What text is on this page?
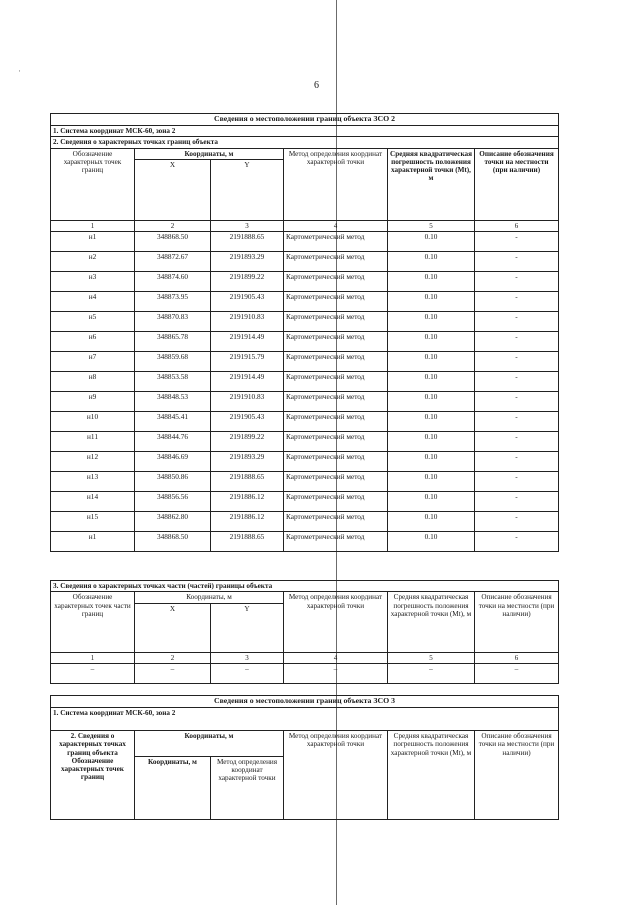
6
·
Сведения о местоположении границ объекта ЗСО 2					
1. Система координат МСК-60, зона 2					
2. Сведения о характерных точках границ объекта					
Обозначение характерных точек границ	Координаты, м		Метод определения координат характерной точки	Средняя квадратическая погрешность положения характерной точки (Mt), м	Описание обозначения точки на местности (при наличии)
	X	Y			
1	2	3	4	5	6
н1	348868.50	2191888.65	Картометрический метод	0.10	-
н2	348872.67	2191893.29	Картометрический метод	0.10	-
н3	348874.60	2191899.22	Картометрический метод	0.10	-
н4	348873.95	2191905.43	Картометрический метод	0.10	-
н5	348870.83	2191910.83	Картометрический метод	0.10	-
н6	348865.78	2191914.49	Картометрический метод	0.10	-
н7	348859.68	2191915.79	Картометрический метод	0.10	-
н8	348853.58	2191914.49	Картометрический метод	0.10	-
н9	348848.53	2191910.83	Картометрический метод	0.10	-
н10	348845.41	2191905.43	Картометрический метод	0.10	-
н11	348844.76	2191899.22	Картометрический метод	0.10	-
н12	348846.69	2191893.29	Картометрический метод	0.10	-
н13	348850.86	2191888.65	Картометрический метод	0.10	-
н14	348856.56	2191886.12	Картометрический метод	0.10	-
н15	348862.80	2191886.12	Картометрический метод	0.10	-
н1	348868.50	2191888.65	Картометрический метод	0.10	-
3. Сведения о характерных точках части (частей) границы объекта					
Обозначение характерных точек части границ	Координаты, м		Метод определения координат характерной точки	Средняя квадратическая погрешность положения характерной точки (Mt), м	Описание обозначения точки на местности (при наличии)
	X	Y			
1	2	3	4	5	6
–	–	–	–	–	–
Сведения о местоположении границ объекта ЗСО 3					
1. Система координат МСК-60, зона 2					
2. Сведения о характерных точках границ объекта Обозначение характерных точек границ	Координаты, м		Метод определения координат характерной точки	Средняя квадратическая погрешность положения характерной точки (Mt), м	Описание обозначения точки на местности (при наличии)
	Координаты, м	Метод определения координат характерной точки			
